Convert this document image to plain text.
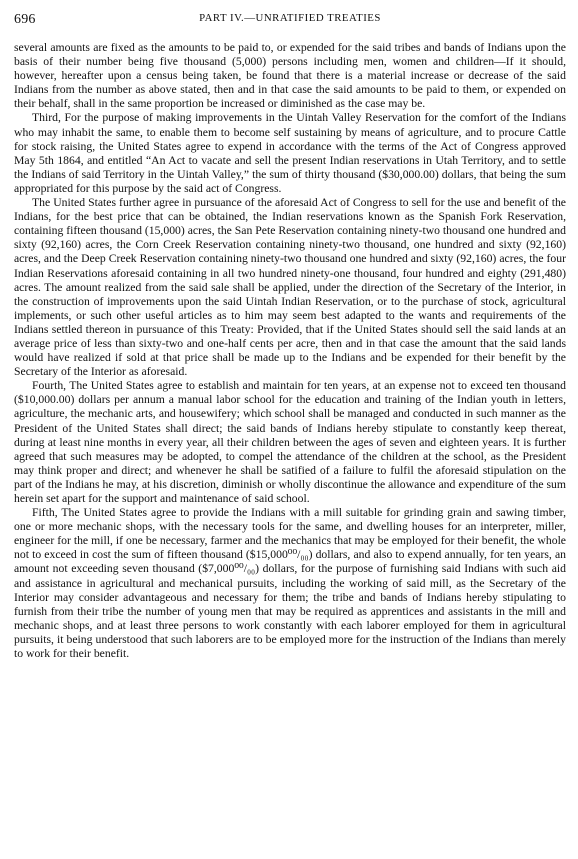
696	PART IV.—UNRATIFIED TREATIES

several amounts are fixed as the amounts to be paid to, or expended for the said tribes and bands of Indians upon the basis of their number being five thousand (5,000) persons including men, women and children—If it should, however, hereafter upon a census being taken, be found that there is a material increase or decrease of the said Indians from the number as above stated, then and in that case the said amounts to be paid to them, or expended on their behalf, shall in the same proportion be increased or diminished as the case may be.

Third, For the purpose of making improvements in the Uintah Valley Reservation for the comfort of the Indians who may inhabit the same, to enable them to become self sustaining by means of agriculture, and to procure Cattle for stock raising, the United States agree to expend in accordance with the terms of the Act of Congress approved May 5th 1864, and entitled “An Act to vacate and sell the present Indian reservations in Utah Territory, and to settle the Indians of said Territory in the Uintah Valley,” the sum of thirty thousand ($30,000.00) dollars, that being the sum appropriated for this purpose by the said act of Congress.

The United States further agree in pursuance of the aforesaid Act of Congress to sell for the use and benefit of the Indians, for the best price that can be obtained, the Indian reservations known as the Spanish Fork Reservation, containing fifteen thousand (15,000) acres, the San Pete Reservation containing ninety-two thousand one hundred and sixty (92,160) acres, the Corn Creek Reservation containing ninety-two thousand, one hundred and sixty (92,160) acres, and the Deep Creek Reservation containing ninety-two thousand one hundred and sixty (92,160) acres, the four Indian Reservations aforesaid containing in all two hundred ninety-one thousand, four hundred and eighty (291,480) acres. The amount realized from the said sale shall be applied, under the direction of the Secretary of the Interior, in the construction of improvements upon the said Uintah Indian Reservation, or to the purchase of stock, agricultural implements, or such other useful articles as to him may seem best adapted to the wants and requirements of the Indians settled thereon in pursuance of this Treaty: Provided, that if the United States should sell the said lands at an average price of less than sixty-two and one-half cents per acre, then and in that case the amount that the said lands would have realized if sold at that price shall be made up to the Indians and be expended for their benefit by the Secretary of the Interior as aforesaid.

Fourth, The United States agree to establish and maintain for ten years, at an expense not to exceed ten thousand ($10,000.00) dollars per annum a manual labor school for the education and training of the Indian youth in letters, agriculture, the mechanic arts, and housewifery; which school shall be managed and conducted in such manner as the President of the United States shall direct; the said bands of Indians hereby stipulate to constantly keep thereat, during at least nine months in every year, all their children between the ages of seven and eighteen years. It is further agreed that such measures may be adopted, to compel the attendance of the children at the school, as the President may think proper and direct; and whenever he shall be satified of a failure to fulfil the aforesaid stipulation on the part of the Indians he may, at his discretion, diminish or wholly discontinue the allowance and expenditure of the sum herein set apart for the support and maintenance of said school.

Fifth, The United States agree to provide the Indians with a mill suitable for grinding grain and sawing timber, one or more mechanic shops, with the necessary tools for the same, and dwelling houses for an interpreter, miller, engineer for the mill, if one be necessary, farmer and the mechanics that may be employed for their benefit, the whole not to exceed in cost the sum of fifteen thousand ($15,000⁰⁰/₀₀) dollars, and also to expend annually, for ten years, an amount not exceeding seven thousand ($7,000⁰⁰/₀₀) dollars, for the purpose of furnishing said Indians with such aid and assistance in agricultural and mechanical pursuits, including the working of said mill, as the Secretary of the Interior may consider advantageous and necessary for them; the tribe and bands of Indians hereby stipulating to furnish from their tribe the number of young men that may be required as apprentices and assistants in the mill and mechanic shops, and at least three persons to work constantly with each laborer employed for them in agricultural pursuits, it being understood that such laborers are to be employed more for the instruction of the Indians than merely to work for their benefit.
